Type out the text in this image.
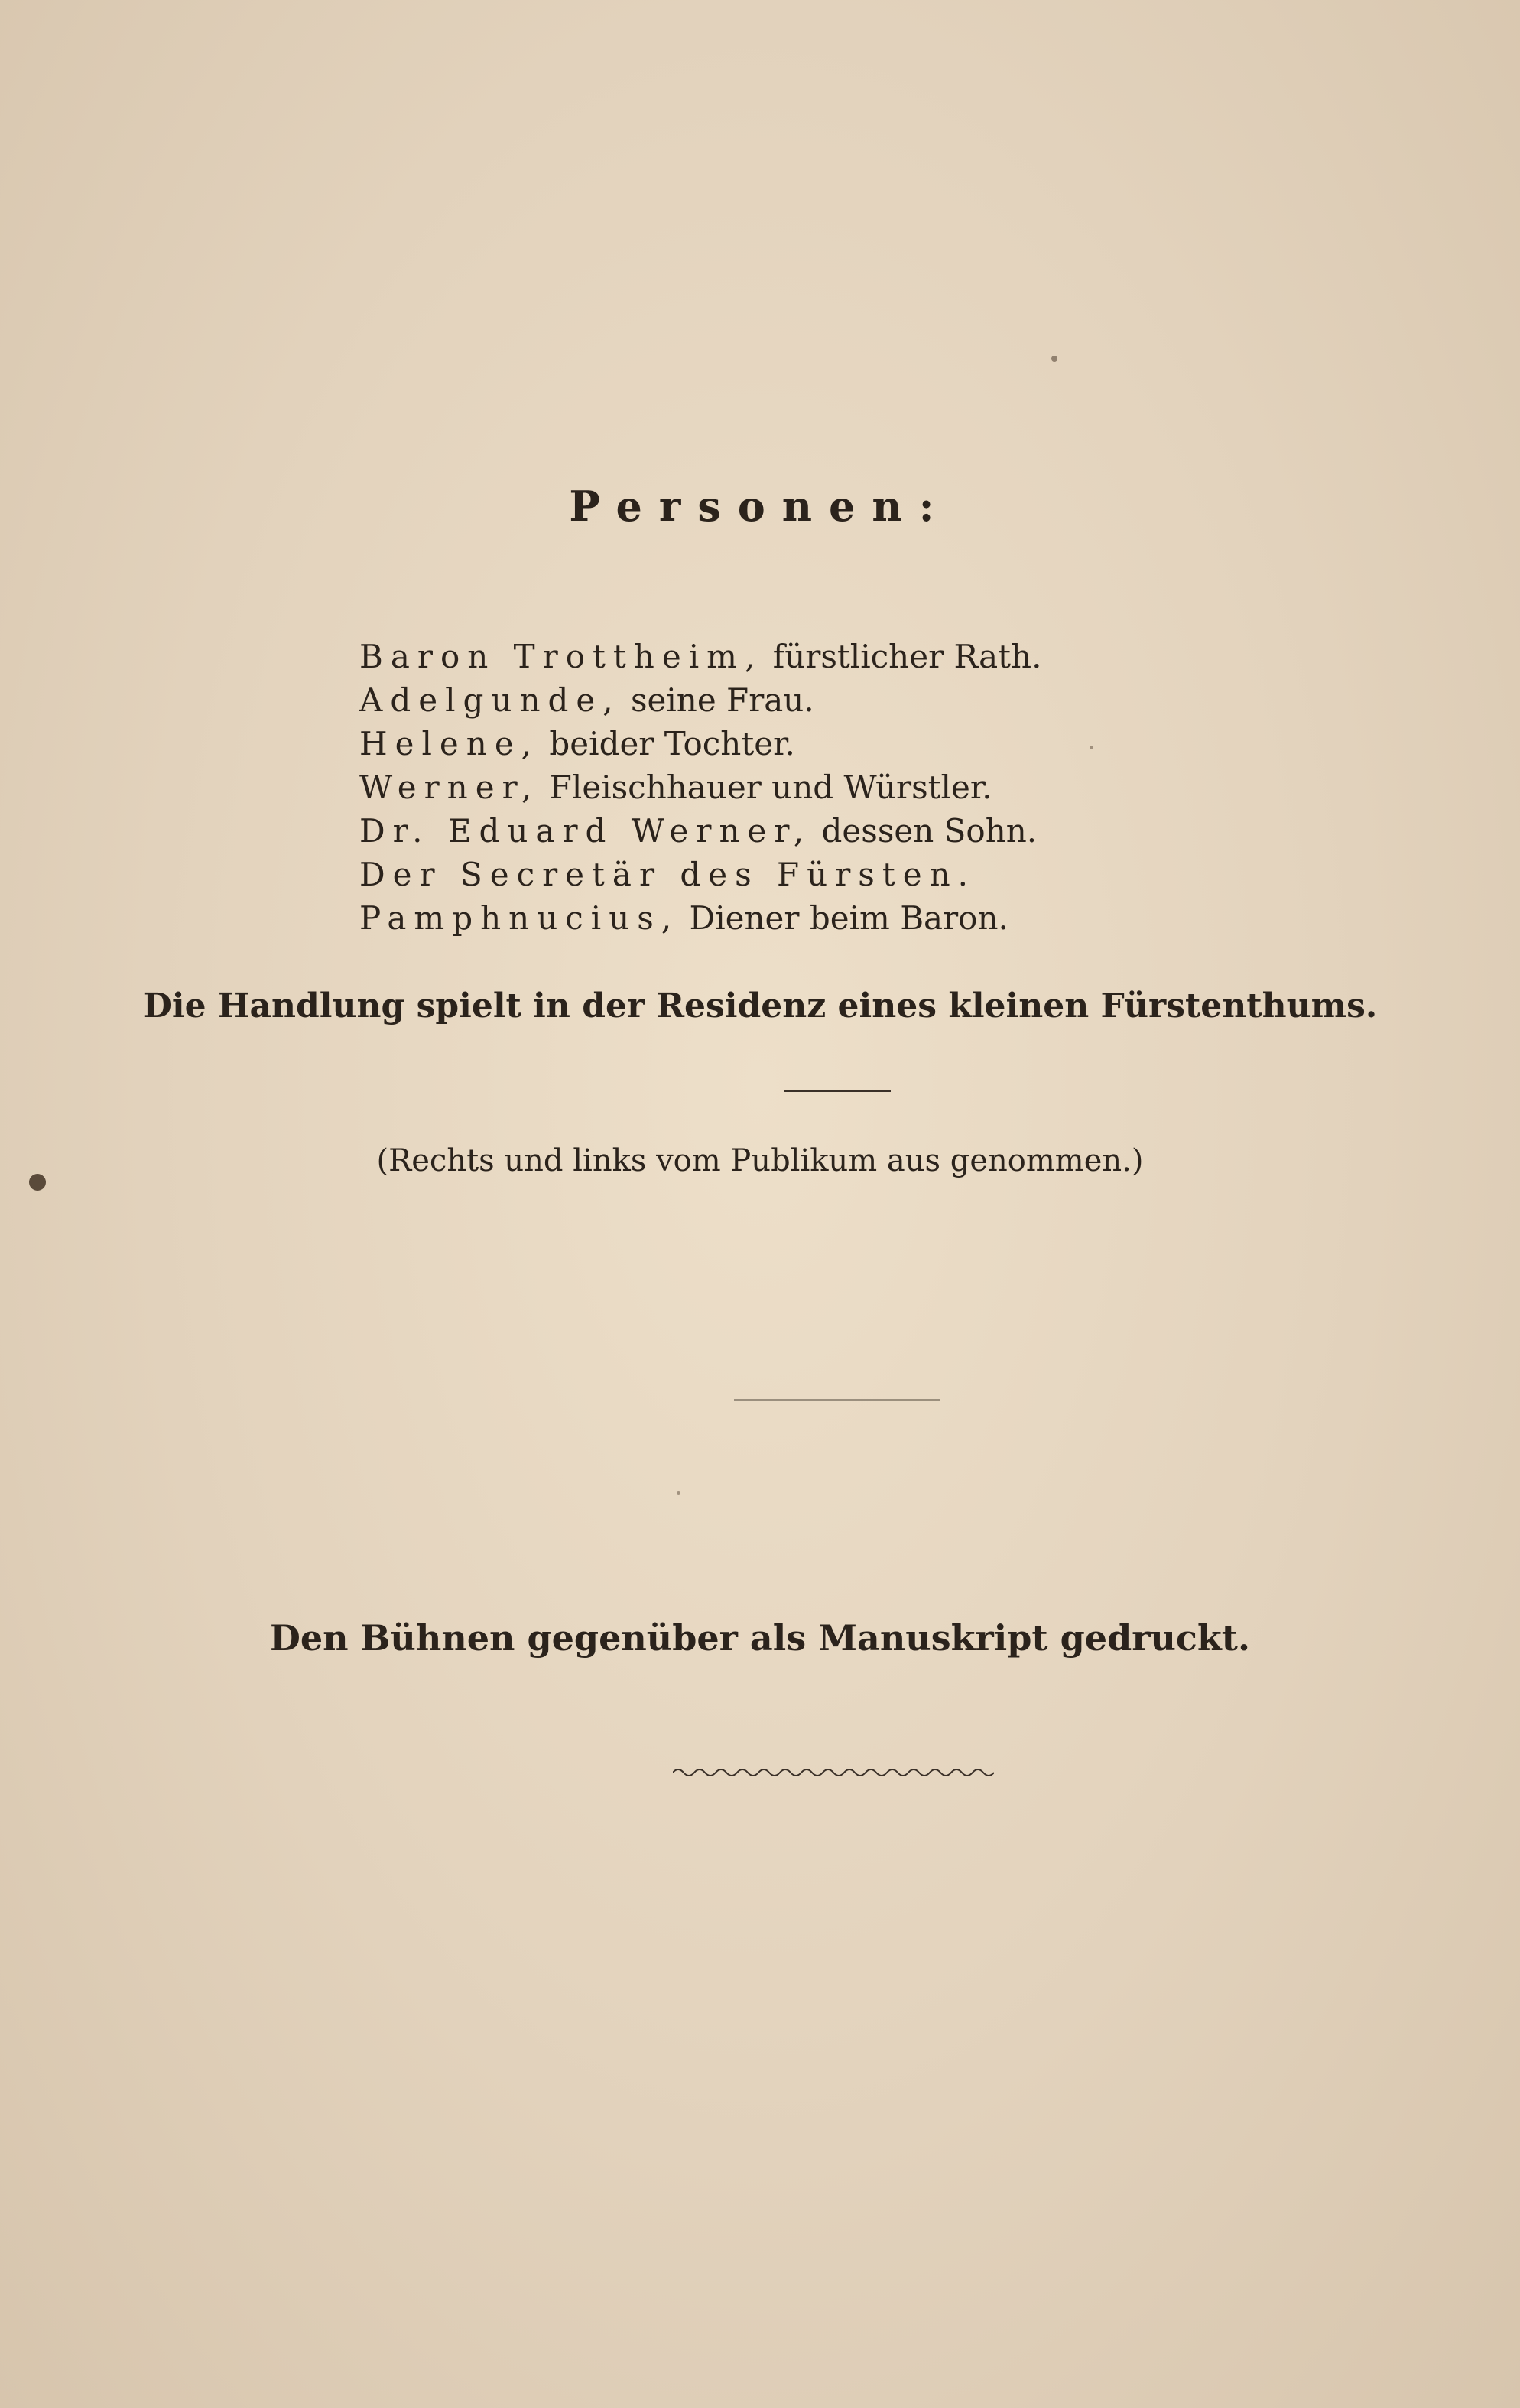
Personen:
Baron Trottheim, fürstlicher Rath.
Adelgunde, seine Frau.
Helene, beider Tochter.
Werner, Fleischhauer und Würstler.
Dr. Eduard Werner, dessen Sohn.
Der Secretär des Fürsten.
Pamphnucius, Diener beim Baron.
Die Handlung spielt in der Residenz eines kleinen Fürstenthums.
(Rechts und links vom Publikum aus genommen.)
Den Bühnen gegenüber als Manuskript gedruckt.
